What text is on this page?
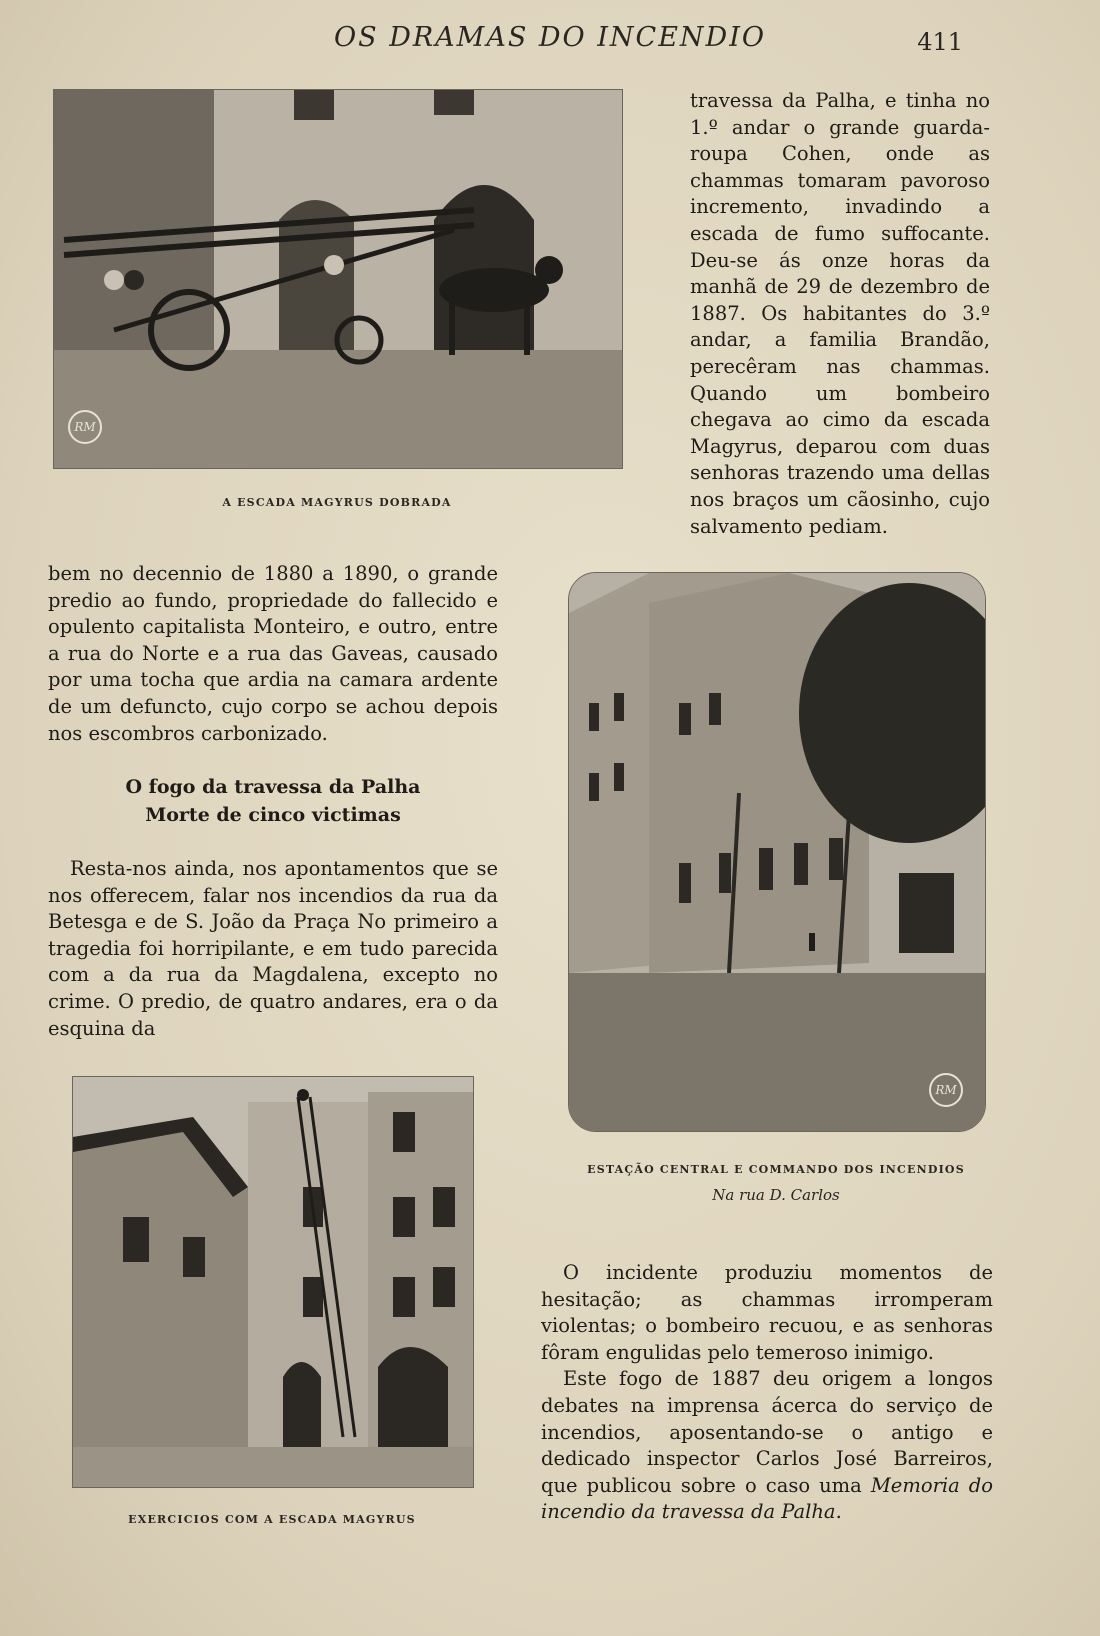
OS DRAMAS DO INCENDIO	411
RM
A ESCADA MAGYRUS DOBRADA

travessa da Palha, e tinha no 1.º andar o grande guarda-roupa Cohen, onde as chammas tomaram pavoroso incremento, invadindo a escada de fumo suffocante. Deu-se ás onze horas da manhã de 29 de dezembro de 1887. Os habitantes do 3.º andar, a familia Brandão, perecêram nas chammas. Quando um bombeiro chegava ao cimo da escada Magyrus, deparou com duas senhoras trazendo uma dellas nos braços um cãosinho, cujo salvamento pediam.

bem no decennio de 1880 a 1890, o grande predio ao fundo, propriedade do fallecido e opulento capitalista Monteiro, e outro, entre a rua do Norte e a rua das Gaveas, causado por uma tocha que ardia na camara ardente de um defuncto, cujo corpo se achou depois nos escombros carbonizado.

O fogo da travessa da Palha
Morte de cinco victimas

Resta-nos ainda, nos apontamentos que se nos offerecem, falar nos incendios da rua da Betesga e de S. João da Praça No primeiro a tragedia foi horripilante, e em tudo parecida com a da rua da Magdalena, excepto no crime. O predio, de quatro andares, era o da esquina da

RM
ESTAÇÃO CENTRAL E COMMANDO DOS INCENDIOS
Na rua D. Carlos
EXERCICIOS COM A ESCADA MAGYRUS

O incidente produziu momentos de hesitação; as chammas irromperam violentas; o bombeiro recuou, e as senhoras fôram engulidas pelo temeroso inimigo.

Este fogo de 1887 deu origem a longos debates na imprensa ácerca do serviço de incendios, aposentando-se o antigo e dedicado inspector Carlos José Barreiros, que publicou sobre o caso uma Memoria do incendio da travessa da Palha.
